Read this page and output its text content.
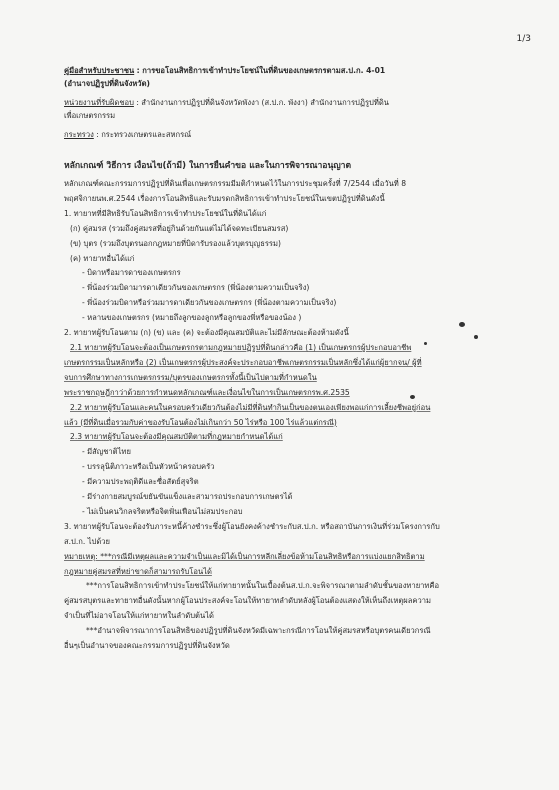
1/3
คู่มือสำหรับประชาชน : การขอโอนสิทธิการเข้าทำประโยชน์ในที่ดินของเกษตรกรตามส.ป.ก. 4-01
(อำนาจปฏิรูปที่ดินจังหวัด)
หน่วยงานที่รับผิดชอบ : สำนักงานการปฏิรูปที่ดินจังหวัดพังงา (ส.ป.ก. พังงา) สำนักงานการปฏิรูปที่ดิน
เพื่อเกษตรกรรม
กระทรวง : กระทรวงเกษตรและสหกรณ์
หลักเกณฑ์ วิธีการ เงื่อนไข(ถ้ามี) ในการยื่นคำขอ และในการพิจารณาอนุญาต
หลักเกณฑ์คณะกรรมการปฏิรูปที่ดินเพื่อเกษตรกรรมมีมติกำหนดไว้ในการประชุมครั้งที่ 7/2544 เมื่อวันที่ 8
พฤศจิกายนพ.ศ.2544 เรื่องการโอนสิทธิและรับมรดกสิทธิการเข้าทำประโยชน์ในเขตปฏิรูปที่ดินดังนี้
1. ทายาทที่มีสิทธิรับโอนสิทธิการเข้าทำประโยชน์ในที่ดินได้แก่
(ก) คู่สมรส (รวมถึงคู่สมรสที่อยู่กินด้วยกันแต่ไม่ได้จดทะเบียนสมรส)
(ข) บุตร (รวมถึงบุตรนอกกฎหมายที่บิดารับรองแล้วบุตรบุญธรรม)
(ค) ทายาทอื่นได้แก่
- บิดาหรือมารดาของเกษตรกร
- พี่น้องร่วมบิดามารดาเดียวกันของเกษตรกร (พี่น้องตามความเป็นจริง)
- พี่น้องร่วมบิดาหรือร่วมมารดาเดียวกันของเกษตรกร (พี่น้องตามความเป็นจริง)
- หลานของเกษตรกร (หมายถึงลูกของลูกหรือลูกของพี่หรือของน้อง )
2. ทายาทผู้รับโอนตาม (ก) (ข) และ (ค) จะต้องมีคุณสมบัติและไม่มีลักษณะต้องห้ามดังนี้
2.1 ทายาทผู้รับโอนจะต้องเป็นเกษตรกรตามกฎหมายปฏิรูปที่ดินกล่าวคือ (1) เป็นเกษตรกรผู้ประกอบอาชีพ
เกษตรกรรมเป็นหลักหรือ (2) เป็นเกษตรกรผู้ประสงค์จะประกอบอาชีพเกษตรกรรมเป็นหลักซึ่งได้แก่ผู้ยากจน/ ผู้ที่
จบการศึกษาทางการเกษตรกรรม/บุตรของเกษตรกรทั้งนี้เป็นไปตามที่กำหนดใน
พระราชกฤษฎีกาว่าด้วยการกำหนดหลักเกณฑ์และเงื่อนไขในการเป็นเกษตรกรพ.ศ.2535
2.2 ทายาทผู้รับโอนและคนในครอบครัวเดียวกันต้องไม่มีที่ดินทำกินเป็นของตนเองเพียงพอแก่การเลี้ยงชีพอยู่ก่อน
แล้ว (มีที่ดินเมื่อรวมกับค่าของรับโอนต้องไม่เกินกว่า 50 ไร่หรือ 100 ไร่แล้วแต่กรณี)
2.3 ทายาทผู้รับโอนจะต้องมีคุณสมบัติตามที่กฎหมายกำหนดได้แก่
- มีสัญชาติไทย
- บรรลุนิติภาวะหรือเป็นหัวหน้าครอบครัว
- มีความประพฤติดีและซื่อสัตย์สุจริต
- มีร่างกายสมบูรณ์ขยันขันแข็งและสามารถประกอบการเกษตรได้
- ไม่เป็นคนวิกลจริตหรือจิตฟั่นเฟือนไม่สมประกอบ
3. ทายาทผู้รับโอนจะต้องรับภาระหนี้ค้างชำระซึ่งผู้โอนยังคงค้างชำระกับส.ป.ก. หรือสถาบันการเงินที่ร่วมโครงการกับ
ส.ป.ก. ไปด้วย
หมายเหตุ: ***กรณีมีเหตุผลและความจำเป็นและมิได้เป็นการหลีกเลี่ยงข้อห้ามโอนสิทธิหรือการแบ่งแยกสิทธิตาม
กฎหมายคู่สมรสที่หย่าขาดก็สามารถรับโอนได้
***การโอนสิทธิการเข้าทำประโยชน์ให้แก่ทายาทนั้นในเบื้องต้นส.ป.ก.จะพิจารณาตามลำดับชั้นของทายาทคือ
คู่สมรสบุตรและทายาทอื่นดังนั้นหากผู้โอนประสงค์จะโอนให้ทายาทลำดับหลังผู้โอนต้องแสดงให้เห็นถึงเหตุผลความ
จำเป็นที่ไม่อาจโอนให้แก่ทายาทในลำดับต้นได้
***อำนาจพิจารณาการโอนสิทธิของปฏิรูปที่ดินจังหวัดมีเฉพาะกรณีการโอนให้คู่สมรสหรือบุตรคนเดียวกรณี
อื่นๆเป็นอำนาจของคณะกรรมการปฏิรูปที่ดินจังหวัด
